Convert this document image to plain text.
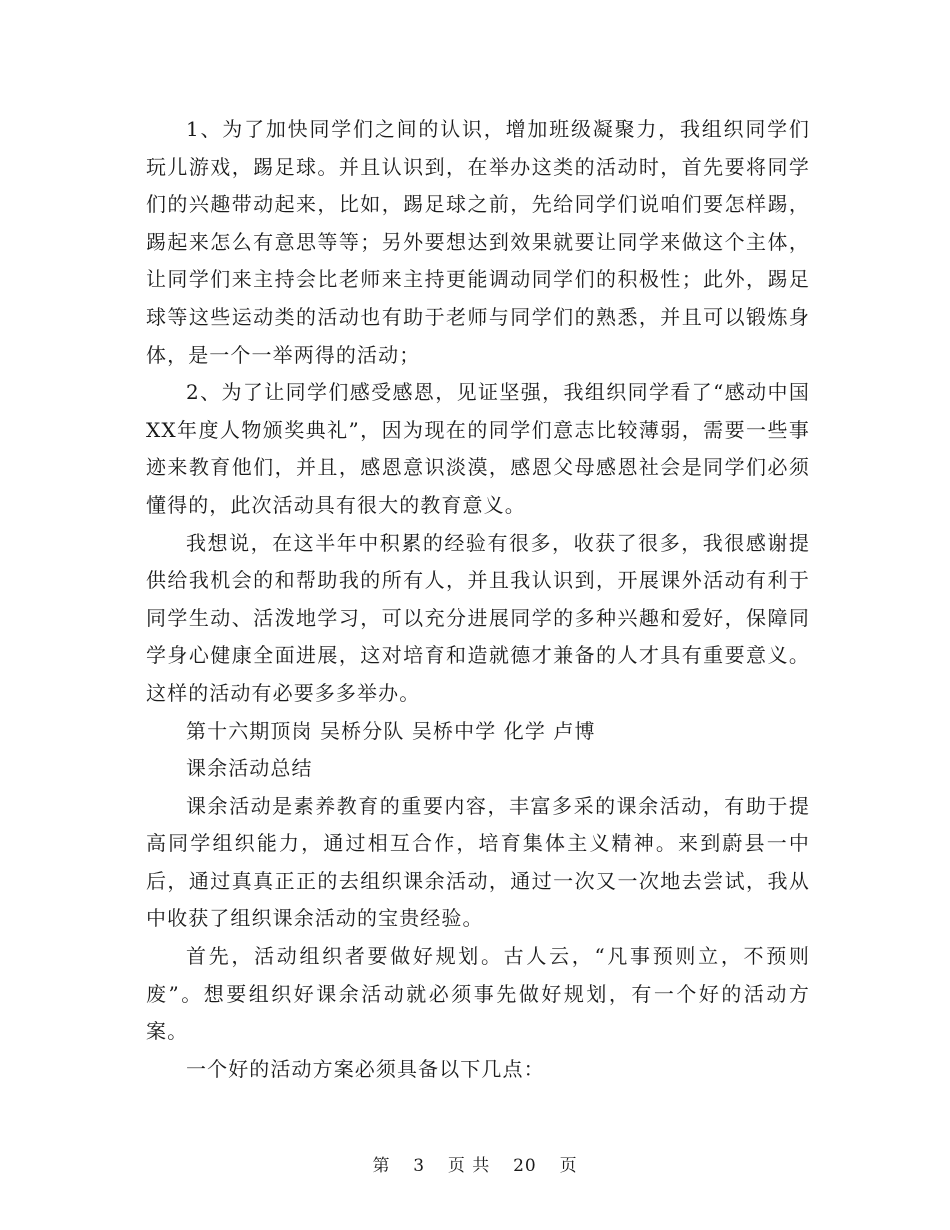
1、为了加快同学们之间的认识，增加班级凝聚力，我组织同学们玩儿游戏，踢足球。并且认识到，在举办这类的活动时，首先要将同学们的兴趣带动起来，比如，踢足球之前，先给同学们说咱们要怎样踢，踢起来怎么有意思等等；另外要想达到效果就要让同学来做这个主体，让同学们来主持会比老师来主持更能调动同学们的积极性；此外，踢足球等这些运动类的活动也有助于老师与同学们的熟悉，并且可以锻炼身体，是一个一举两得的活动；

2、为了让同学们感受感恩，见证坚强，我组织同学看了“感动中国XX年度人物颁奖典礼”，因为现在的同学们意志比较薄弱，需要一些事迹来教育他们，并且，感恩意识淡漠，感恩父母感恩社会是同学们必须懂得的，此次活动具有很大的教育意义。

我想说，在这半年中积累的经验有很多，收获了很多，我很感谢提供给我机会的和帮助我的所有人，并且我认识到，开展课外活动有利于同学生动、活泼地学习，可以充分进展同学的多种兴趣和爱好，保障同学身心健康全面进展，这对培育和造就德才兼备的人才具有重要意义。这样的活动有必要多多举办。

第十六期顶岗 吴桥分队 吴桥中学 化学 卢博

课余活动总结

课余活动是素养教育的重要内容，丰富多采的课余活动，有助于提高同学组织能力，通过相互合作，培育集体主义精神。来到蔚县一中后，通过真真正正的去组织课余活动，通过一次又一次地去尝试，我从中收获了组织课余活动的宝贵经验。

首先，活动组织者要做好规划。古人云，“凡事预则立，不预则废”。想要组织好课余活动就必须事先做好规划，有一个好的活动方案。

一个好的活动方案必须具备以下几点：

第 3 页 共 20 页
